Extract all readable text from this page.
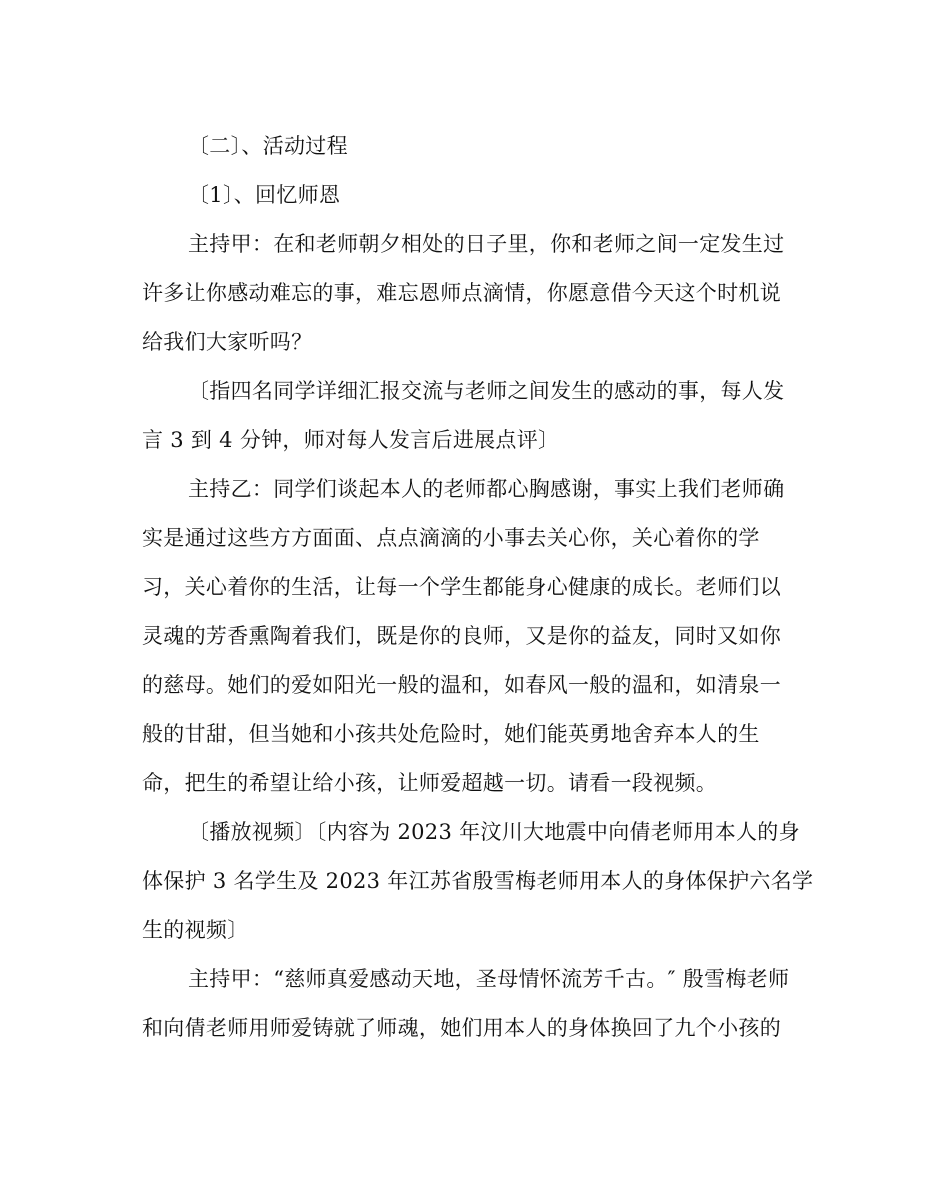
〔二〕、活动过程
〔1〕、回忆师恩
主持甲：在和老师朝夕相处的日子里，你和老师之间一定发生过
许多让你感动难忘的事，难忘恩师点滴情，你愿意借今天这个时机说
给我们大家听吗？
〔指四名同学详细汇报交流与老师之间发生的感动的事，每人发
言 3 到 4 分钟，师对每人发言后进展点评〕
主持乙：同学们谈起本人的老师都心胸感谢，事实上我们老师确
实是通过这些方方面面、点点滴滴的小事去关心你，关心着你的学
习，关心着你的生活，让每一个学生都能身心健康的成长。老师们以
灵魂的芳香熏陶着我们，既是你的良师，又是你的益友，同时又如你
的慈母。她们的爱如阳光一般的温和，如春风一般的温和，如清泉一
般的甘甜，但当她和小孩共处危险时，她们能英勇地舍弃本人的生
命，把生的希望让给小孩，让师爱超越一切。请看一段视频。
〔播放视频〕〔内容为 2023 年汶川大地震中向倩老师用本人的身
体保护 3 名学生及 2023 年江苏省殷雪梅老师用本人的身体保护六名学
生的视频〕
主持甲：“慈师真爱感动天地，圣母情怀流芳千古。″ 殷雪梅老师
和向倩老师用师爱铸就了师魂，她们用本人的身体换回了九个小孩的
